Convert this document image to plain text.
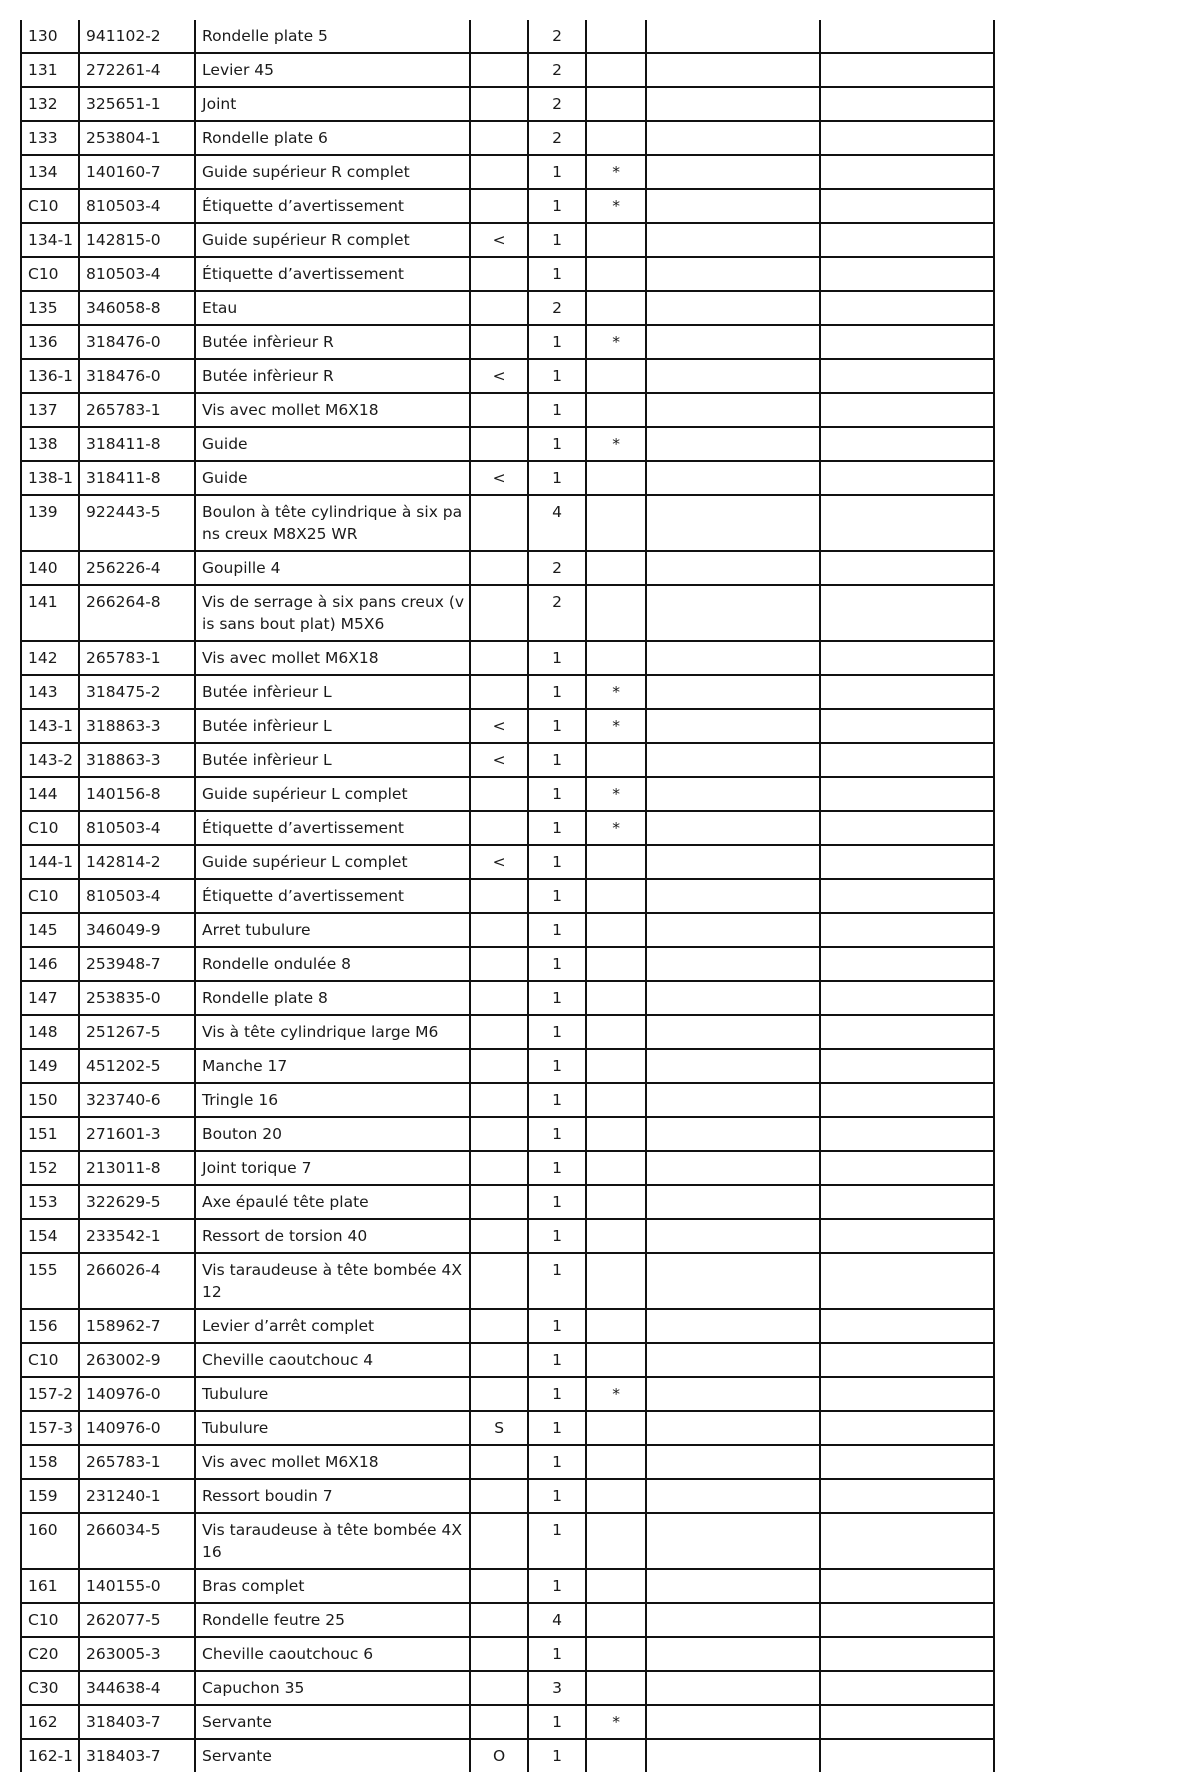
130	941102-2	Rondelle plate 5		2			
131	272261-4	Levier 45		2			
132	325651-1	Joint		2			
133	253804-1	Rondelle plate 6		2			
134	140160-7	Guide supérieur R complet		1	*		
C10	810503-4	Étiquette d’avertissement		1	*		
134-1	142815-0	Guide supérieur R complet	<	1			
C10	810503-4	Étiquette d’avertissement		1			
135	346058-8	Etau		2			
136	318476-0	Butée infèrieur R		1	*		
136-1	318476-0	Butée infèrieur R	<	1			
137	265783-1	Vis avec mollet M6X18		1			
138	318411-8	Guide		1	*		
138-1	318411-8	Guide	<	1			
139	922443-5	Boulon à tête cylindrique à six pa
ns creux M8X25 WR		4			
140	256226-4	Goupille 4		2			
141	266264-8	Vis de serrage à six pans creux (v
is sans bout plat) M5X6		2			
142	265783-1	Vis avec mollet M6X18		1			
143	318475-2	Butée infèrieur L		1	*		
143-1	318863-3	Butée infèrieur L	<	1	*		
143-2	318863-3	Butée infèrieur L	<	1			
144	140156-8	Guide supérieur L complet		1	*		
C10	810503-4	Étiquette d’avertissement		1	*		
144-1	142814-2	Guide supérieur L complet	<	1			
C10	810503-4	Étiquette d’avertissement		1			
145	346049-9	Arret tubulure		1			
146	253948-7	Rondelle ondulée 8		1			
147	253835-0	Rondelle plate 8		1			
148	251267-5	Vis à tête cylindrique large M6		1			
149	451202-5	Manche 17		1			
150	323740-6	Tringle 16		1			
151	271601-3	Bouton 20		1			
152	213011-8	Joint torique 7		1			
153	322629-5	Axe épaulé tête plate		1			
154	233542-1	Ressort de torsion 40		1			
155	266026-4	Vis taraudeuse à tête bombée 4X
12		1			
156	158962-7	Levier d’arrêt complet		1			
C10	263002-9	Cheville caoutchouc 4		1			
157-2	140976-0	Tubulure		1	*		
157-3	140976-0	Tubulure	S	1			
158	265783-1	Vis avec mollet M6X18		1			
159	231240-1	Ressort boudin 7		1			
160	266034-5	Vis taraudeuse à tête bombée 4X
16		1			
161	140155-0	Bras complet		1			
C10	262077-5	Rondelle feutre 25		4			
C20	263005-3	Cheville caoutchouc 6		1			
C30	344638-4	Capuchon 35		3			
162	318403-7	Servante		1	*		
162-1	318403-7	Servante	O	1			
